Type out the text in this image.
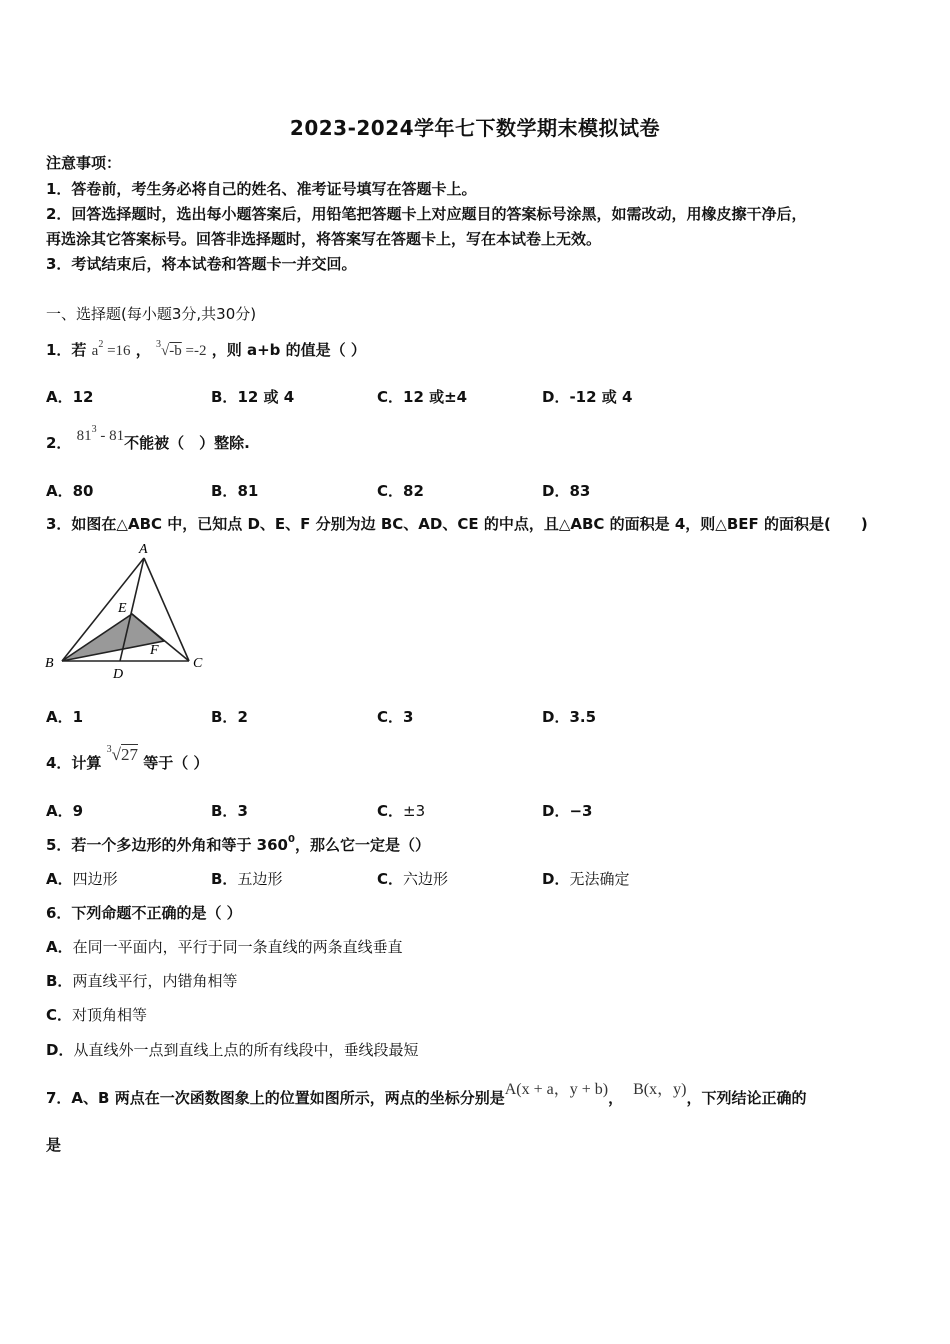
2023-2024学年七下数学期末模拟试卷
注意事项：
1．答卷前，考生务必将自己的姓名、准考证号填写在答题卡上。
2．回答选择题时，选出每小题答案后，用铅笔把答题卡上对应题目的答案标号涂黑，如需改动，用橡皮擦干净后，
再选涂其它答案标号。回答非选择题时，将答案写在答题卡上，写在本试卷上无效。
3．考试结束后，将本试卷和答题卡一并交回。
一、选择题(每小题3分,共30分)
1．若 $a^2 =16$ ， $^3$√-b =-2 ，则 a+b 的值是（ ）
A．12	B．12 或 4	C．12 或±4	D．-12 或 4
2． $81^3 - 81$不能被（　）整除.
A．80	B．81	C．82	D．83
3．如图在△ABC 中，已知点 D、E、F 分别为边 BC、AD、CE 的中点，且△ABC 的面积是 4，则△BEF 的面积是(　　)
A
B	C
D
E
F
A．1	B．2	C．3	D．3.5
4．计算 $^3$√27 等于（ ）
A．9	B．3	C．±3	D．−3
5．若一个多边形的外角和等于 $360^0$，那么它一定是（）
A．四边形	B．五边形	C．六边形	D．无法确定
6．下列命题不正确的是（ ）
A．在同一平面内，平行于同一条直线的两条直线垂直
B．两直线平行，内错角相等
C．对顶角相等
D．从直线外一点到直线上点的所有线段中，垂线段最短
7．A、B 两点在一次函数图象上的位置如图所示，两点的坐标分别是A(x + a，y + b)， B(x，y)，下列结论正确的
是
